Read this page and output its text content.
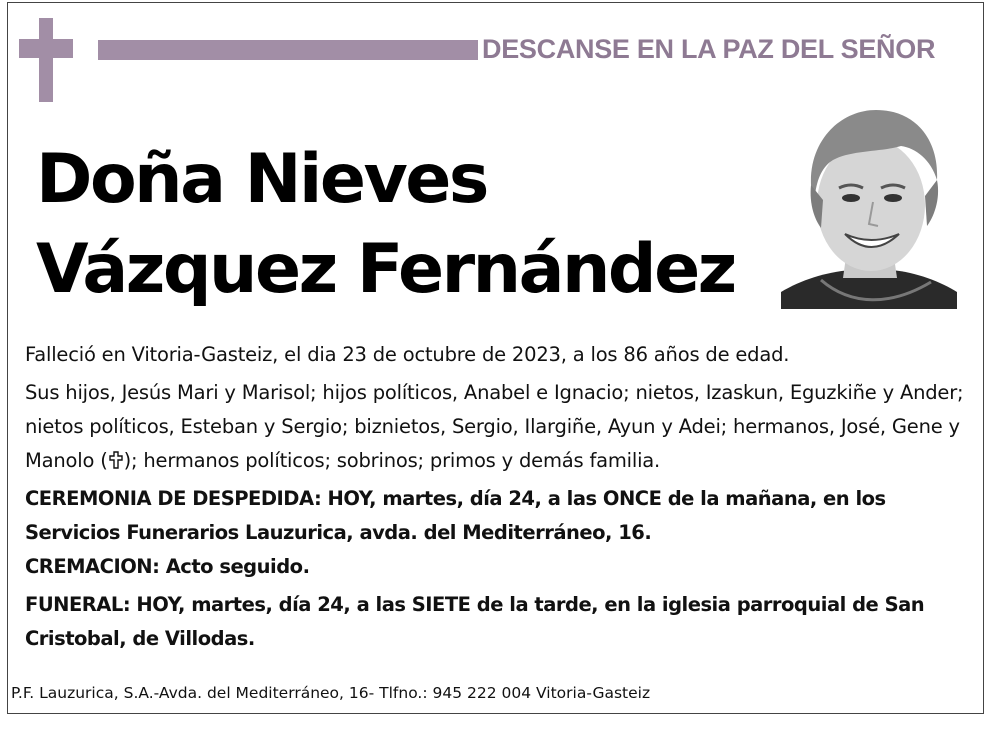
DESCANSE EN LA PAZ DEL SEÑOR
Doña Nieves
Vázquez Fernández

Falleció en Vitoria-Gasteiz, el dia 23 de octubre de 2023, a los 86 años de edad.

Sus hijos, Jesús Mari y Marisol; hijos políticos, Anabel e Ignacio; nietos, Izaskun, Eguzkiñe y Ander; nietos políticos, Esteban y Sergio; biznietos, Sergio, Ilargiñe, Ayun y Adei; hermanos, José, Gene y Manolo ( ); hermanos políticos; sobrinos; primos y demás familia.

CEREMONIA DE DESPEDIDA: HOY, martes, día 24, a las ONCE de la mañana, en los Servicios Funerarios Lauzurica, avda. del Mediterráneo, 16.

CREMACION: Acto seguido.

FUNERAL: HOY, martes, día 24, a las SIETE de la tarde, en la iglesia parroquial de San Cristobal, de Villodas.

P.F. Lauzurica, S.A.-Avda. del Mediterráneo, 16- Tlfno.: 945 222 004 Vitoria-Gasteiz
